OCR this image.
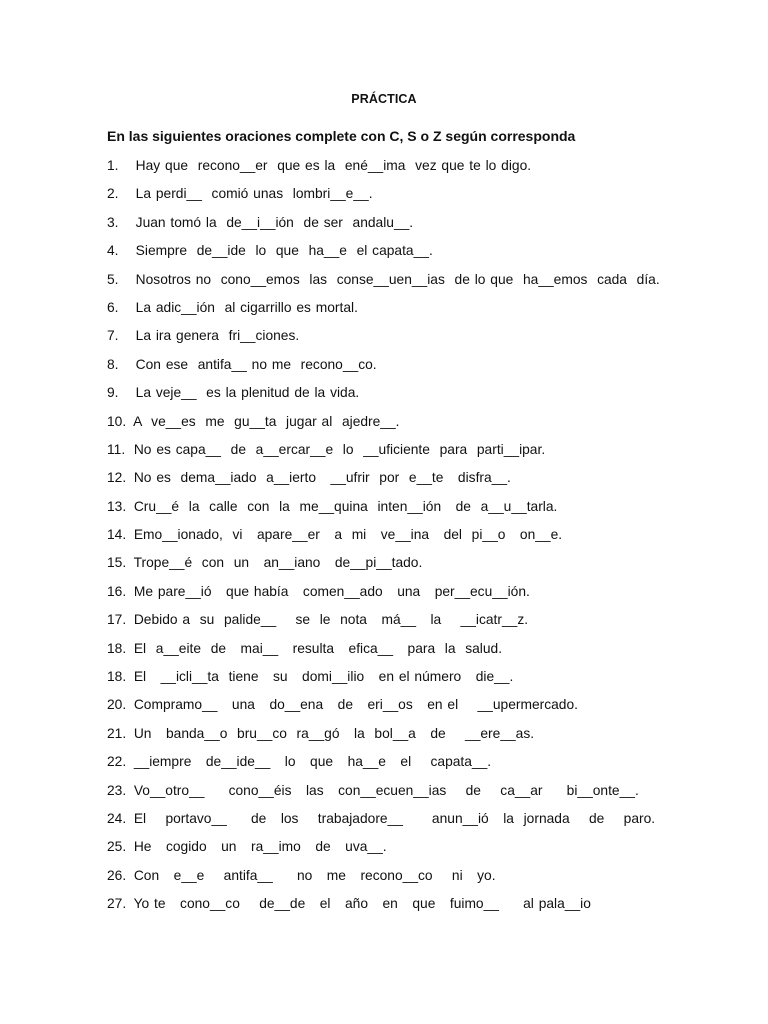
PRÁCTICA
En las siguientes oraciones complete con C, S o Z según corresponda
1. Hay que  recono__er  que es la  ené__ima  vez que te lo digo.
2. La perdi__  comió unas  lombri__e__.
3. Juan tomó la  de__i__ión  de ser  andalu__.
4. Siempre  de__ide  lo  que  ha__e  el capata__.
5. Nosotros no  cono__emos  las  conse__uen__ias  de lo que  ha__emos  cada  día.
6. La adic__ión  al cigarrillo es mortal.
7. La ira genera  fri__ciones.
8. Con ese  antifa__ no me  recono__co.
9. La veje__  es la plenitud de la vida.
10. A  ve__es  me  gu__ta  jugar al  ajedre__.
11. No es capa__  de  a__ercar__e  lo  __uficiente  para  parti__ipar.
12. No es  dema__iado  a__ierto   __ufrir  por  e__te   disfra__.
13. Cru__é  la  calle  con  la  me__quina  inten__ión   de  a__u__tarla.
14. Emo__ionado,  vi   apare__er   a  mi   ve__ina   del  pi__o   on__e.
15. Trope__é  con  un   an__iano   de__pi__tado.
16. Me pare__ió   que había   comen__ado   una   per__ecu__ión.
17. Debido a  su  palide__    se  le  nota   má__   la    __icatr__z.
18. El  a__eite  de   mai__   resulta   efica__   para  la  salud.
18. El   __icli__ta  tiene   su   domi__ilio   en el número   die__.
20. Compramo__   una   do__ena   de   eri__os   en el    __upermercado.
21. Un   banda__o  bru__co  ra__gó   la  bol__a   de    __ere__as.
22. __iempre   de__ide__   lo   que   ha__e   el    capata__.
23. Vo__otro__     cono__éis   las   con__ecuen__ias    de    ca__ar     bi__onte__.
24. El    portavo__     de   los    trabajadore__      anun__ió   la  jornada    de    paro.
25. He   cogido   un   ra__imo   de   uva__.
26. Con   e__e    antifa__     no   me   recono__co    ni   yo.
27. Yo te   cono__co    de__de   el   año   en   que   fuimo__     al pala__io
